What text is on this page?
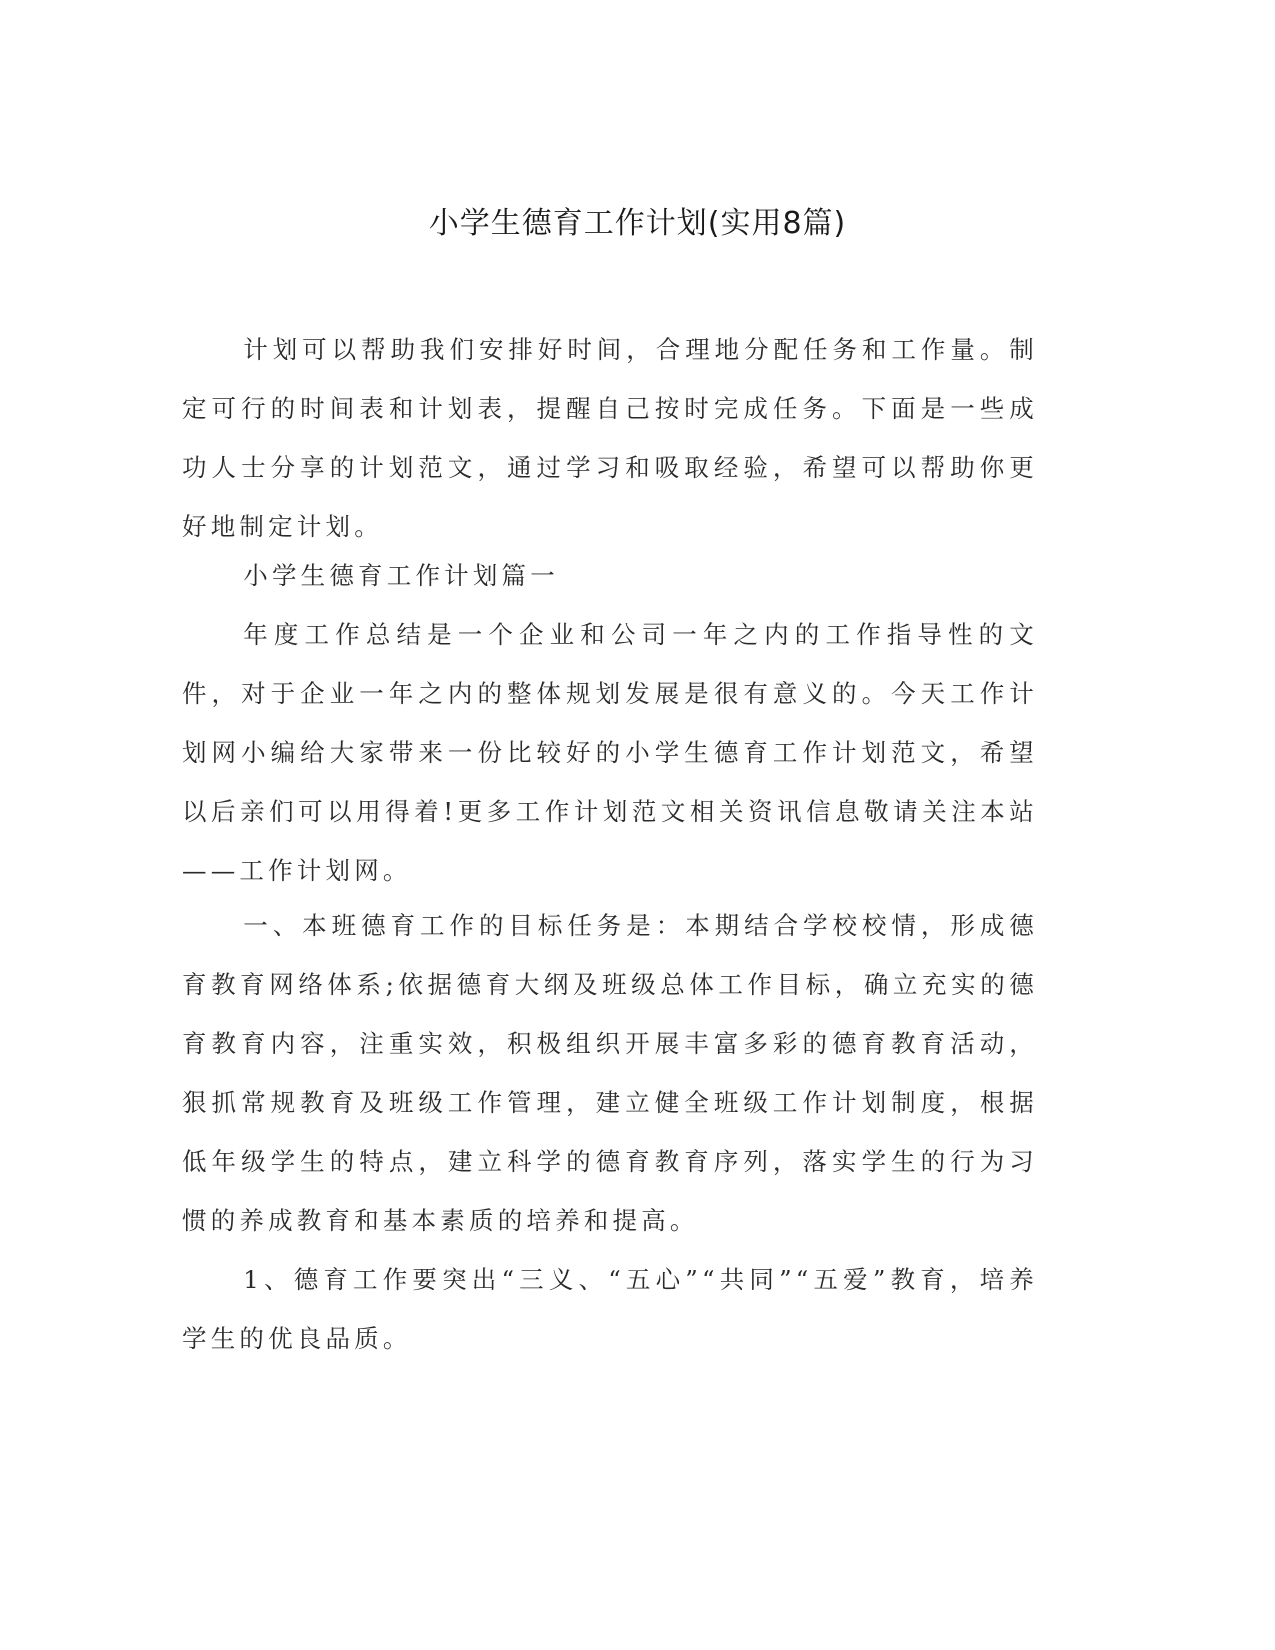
小学生德育工作计划(实用8篇)

计划可以帮助我们安排好时间，合理地分配任务和工作量。制定可行的时间表和计划表，提醒自己按时完成任务。下面是一些成功人士分享的计划范文，通过学习和吸取经验，希望可以帮助你更好地制定计划。

小学生德育工作计划篇一

年度工作总结是一个企业和公司一年之内的工作指导性的文件，对于企业一年之内的整体规划发展是很有意义的。今天工作计划网小编给大家带来一份比较好的小学生德育工作计划范文，希望以后亲们可以用得着!更多工作计划范文相关资讯信息敬请关注本站——工作计划网。

一、本班德育工作的目标任务是：本期结合学校校情，形成德育教育网络体系;依据德育大纲及班级总体工作目标，确立充实的德育教育内容，注重实效，积极组织开展丰富多彩的德育教育活动，狠抓常规教育及班级工作管理，建立健全班级工作计划制度，根据低年级学生的特点，建立科学的德育教育序列，落实学生的行为习惯的养成教育和基本素质的培养和提高。

1、德育工作要突出“三义、“五心”“共同”“五爱”教育，培养学生的优良品质。
